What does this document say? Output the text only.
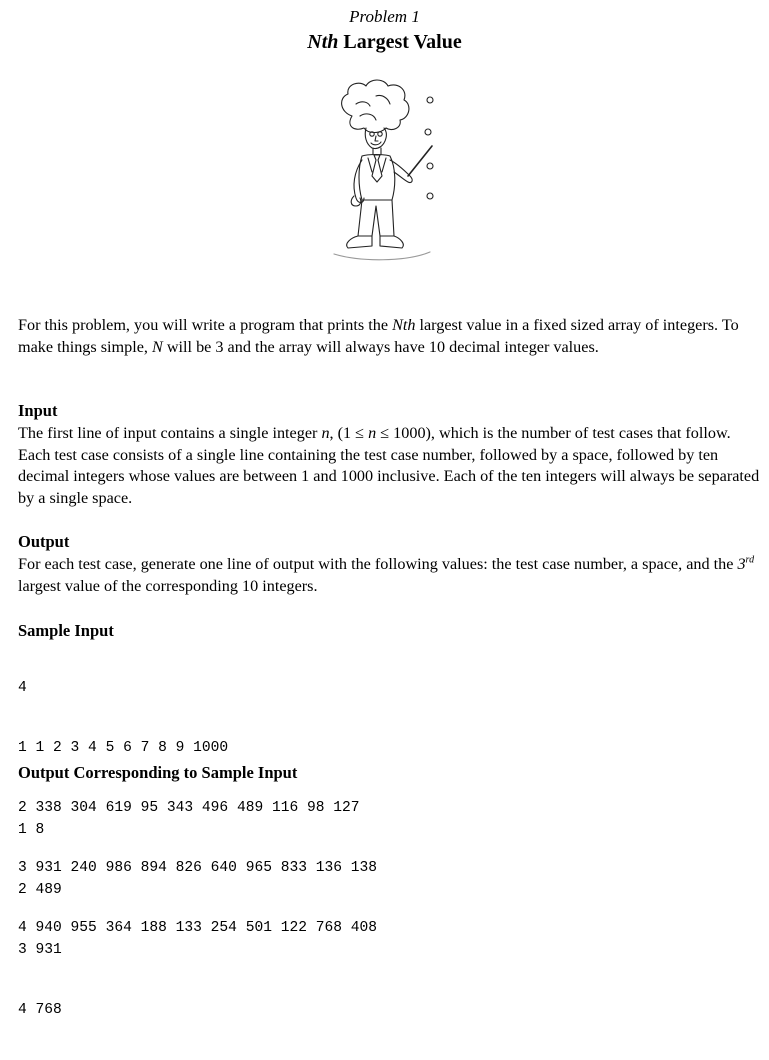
Problem 1
Nth Largest Value
For this problem, you will write a program that prints the Nth largest value in a fixed sized array of integers. To make things simple, N will be 3 and the array will always have 10 decimal integer values.
Input
The first line of input contains a single integer n, (1 ≤ n ≤ 1000), which is the number of test cases that follow. Each test case consists of a single line containing the test case number, followed by a space, followed by ten decimal integers whose values are between 1 and 1000 inclusive. Each of the ten integers will always be separated by a single space.
Output
For each test case, generate one line of output with the following values: the test case number, a space, and the 3rd largest value of the corresponding 10 integers.
Sample Input

4

1 1 2 3 4 5 6 7 8 9 1000

2 338 304 619 95 343 496 489 116 98 127

3 931 240 986 894 826 640 965 833 136 138

4 940 955 364 188 133 254 501 122 768 408

Output Corresponding to Sample Input

1 8

2 489

3 931

4 768
